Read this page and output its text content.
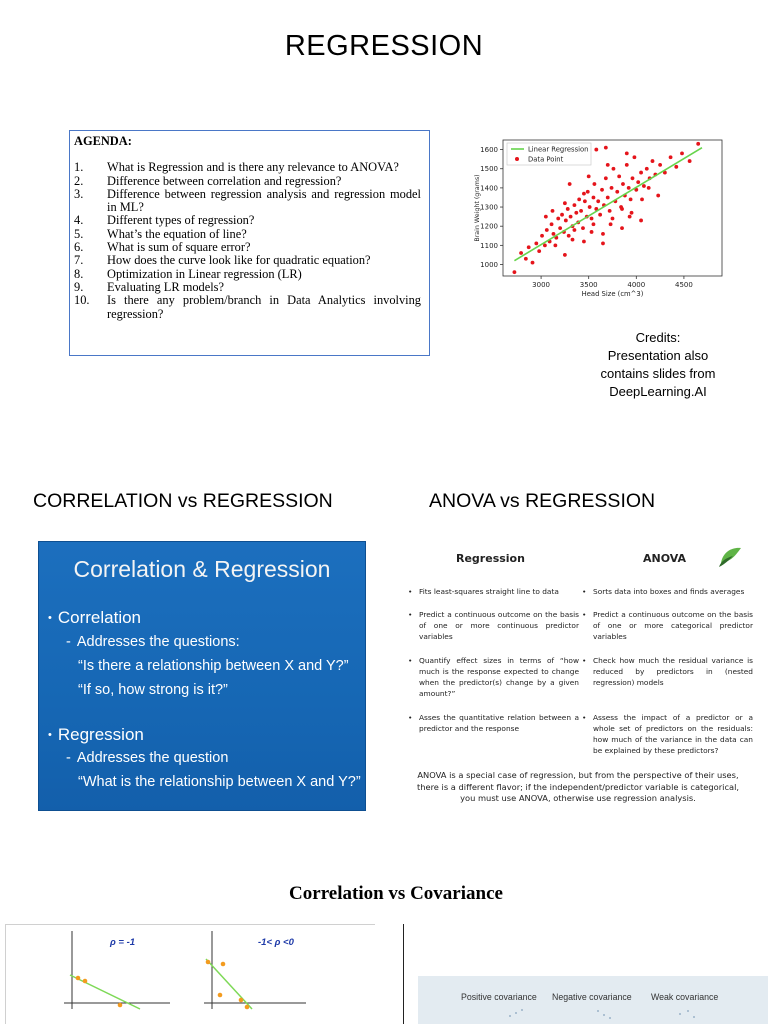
REGRESSION
AGENDA:
1.	What is Regression and is there any relevance to ANOVA?
2.	Difference between correlation and regression?
3.	Difference between regression analysis and regression model in ML?
4.	Different types of regression?
5.	What’s the equation of line?
6.	What is sum of square error?
7.	How does the curve look like for quadratic equation?
8.	Optimization in Linear regression (LR)
9.	Evaluating LR models?
10.	Is there any problem/branch in Data Analytics involving regression?
3000	3500	4000	4500
1000
1100
1200
1300
1400
1500
1600	Linear Regression
Data Point
Head Size (cm^3)
Brain Weight (grams)
Credits:
Presentation also
contains slides from
DeepLearning.AI
CORRELATION vs REGRESSION	ANOVA vs REGRESSION
Correlation & Regression
• Correlation
- Addresses the questions:
“Is there a relationship between X and Y?”
“If so, how strong is it?”
• Regression
- Addresses the question
“What is the relationship between X and Y?”
Regression	ANOVA
• Fits least-squares straight line to data
•	Sorts data into boxes and finds averages
• Predict a continuous outcome on the basis of one or more continuous predictor variables
• Predict a continuous outcome on the basis of one or more categorical predictor variables
• Quantify effect sizes in terms of “how much is the response expected to change when the predictor(s) change by a given amount?”
• Check how much the residual variance is reduced by predictors in (nested regression) models
• Asses the quantitative relation between a predictor and the response
• Assess the impact of a predictor or a whole set of predictors on the residuals: how much of the variance in the data can be explained by these predictors?
ANOVA is a special case of regression, but from the perspective of their uses, there is a different flavor; if the independent/predictor variable is categorical, you must use ANOVA, otherwise use regression analysis.
Correlation vs Covariance
ρ = -1	-1< ρ <0
Positive covariance Negative covariance Weak covariance
